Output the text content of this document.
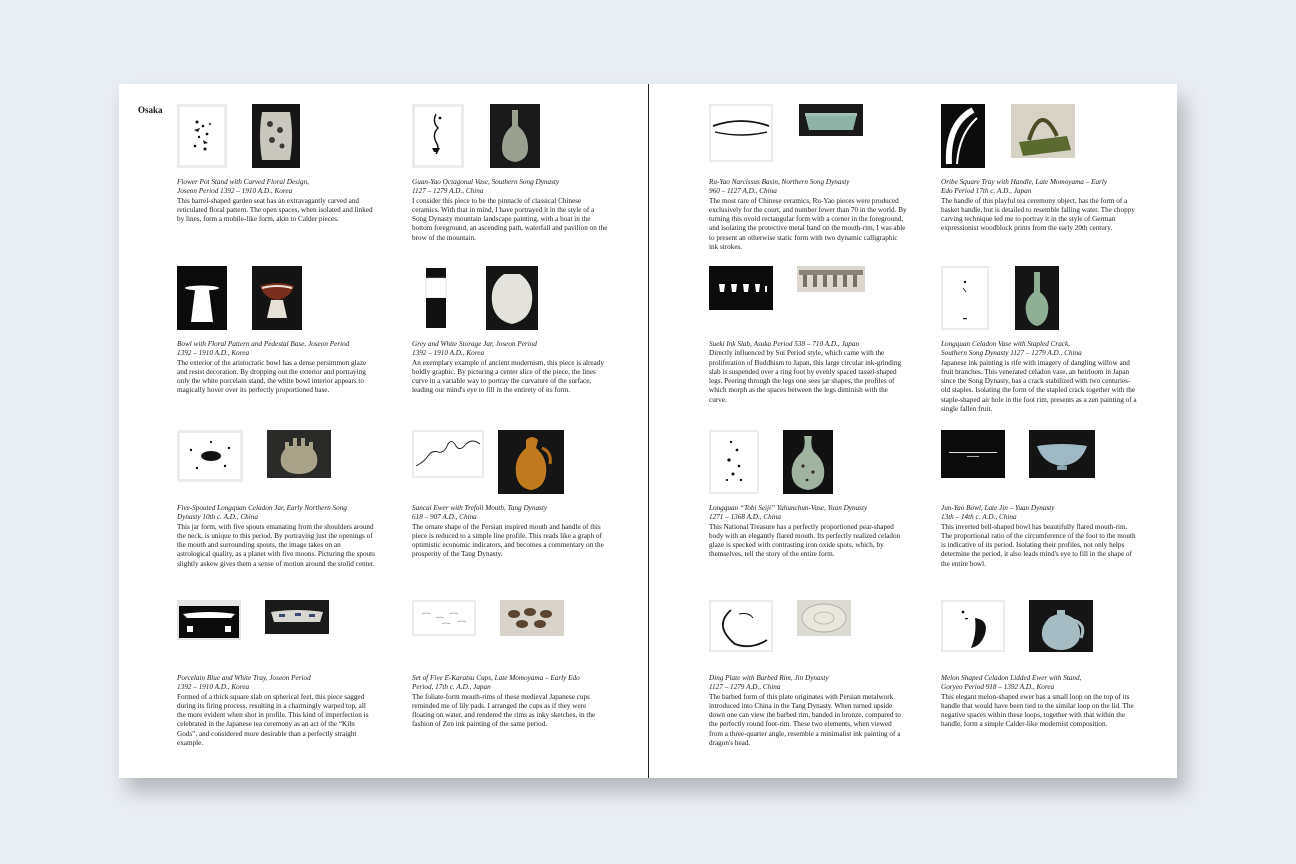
Osaka
Flower Pot Stand with Carved Floral Design,
Joseon Period 1392 – 1910 A.D., Korea
This barrel-shaped garden seat has an extravagantly carved and reticulated floral pattern. The open spaces, when isolated and linked by lines, form a mobile-like form, akin to Calder pieces.
Guan-Yao Octagonal Vase, Southern Song Dynasty
1127 – 1279 A.D., China
I consider this piece to be the pinnacle of classical Chinese ceramics. With that in mind, I have portrayed it in the style of a Song Dynasty mountain landscape painting, with a boat in the bottom foreground, an ascending path, waterfall and pavilion on the brow of the mountain.
Bowl with Floral Pattern and Pedestal Base, Joseon Period
1392 – 1910 A.D., Korea
The exterior of the aristocratic bowl has a dense persimmon glaze and resist decoration. By dropping out the exterior and portraying only the white porcelain stand, the white bowl interior appears to magically hover over its perfectly proportioned base.
Grey and White Storage Jar, Joseon Period
1392 – 1910 A.D., Korea
An exemplary example of ancient modernism, this piece is already boldly graphic. By picturing a center slice of the piece, the lines curve in a variable way to portray the curvature of the surface, leading our mind's eye to fill in the entirety of its form.
Five-Spouted Longquan Celadon Jar, Early Northern Song
Dynasty 10th c. A.D., China
This jar form, with five spouts emanating from the shoulders around the neck, is unique to this period. By portraying just the openings of the mouth and surrounding spouts, the image takes on an astrological quality, as a planet with five moons. Picturing the spouts slightly askew gives them a sense of motion around the stolid center.
Sancai Ewer with Trefoil Mouth, Tang Dynasty
618 – 907 A.D., China
The ornate shape of the Persian inspired mouth and handle of this piece is reduced to a simple line profile. This reads like a graph of optimistic economic indicators, and becomes a commentary on the prosperity of the Tang Dynasty.
Porcelain Blue and White Tray, Joseon Period
1392 – 1910 A.D., Korea
Formed of a thick square slab on spherical feet, this piece sagged during its firing process, resulting in a charmingly warped top, all the more evident when shot in profile. This kind of imperfection is celebrated in the Japanese tea ceremony as an act of the “Kiln Gods”, and considered more desirable than a perfectly straight example.
Set of Five E-Karatsu Cups, Late Momoyama – Early Edo
Period, 17th c. A.D., Japan
The foliate-form mouth-rims of these medieval Japanese cups reminded me of lily pads. I arranged the cups as if they were floating on water, and rendered the rims as inky sketches, in the fashion of Zen ink painting of the same period.
Ru-Yao Narcissus Basin, Northern Song Dynasty
960 – 1127 A.D., China
The most rare of Chinese ceramics, Ru-Yao pieces were produced exclusively for the court, and number fewer than 70 in the world. By turning this ovoid rectangular form with a corner in the foreground, and isolating the protective metal band on the mouth-rim, I was able to present an otherwise static form with two dynamic calligraphic ink strokes.
Oribe Square Tray with Handle, Late Momoyama – Early
Edo Period 17th c. A.D., Japan
The handle of this playful tea ceremony object, has the form of a basket handle, but is detailed to resemble falling water. The choppy carving technique led me to portray it in the style of German expressionist woodblock prints from the early 20th century.
Sueki Ink Slab, Asuka Period 538 – 710 A.D., Japan
Directly influenced by Sui Period style, which came with the proliferation of Buddhism to Japan, this large circular ink-grinding slab is suspended over a ring foot by evenly spaced tassel-shaped legs. Peering through the legs one sees jar shapes, the profiles of which morph as the spaces between the legs diminish with the curve.
Longquan Celadon Vase with Stapled Crack,
Southern Song Dynasty 1127 – 1279 A.D., China
Japanese ink painting is rife with imagery of dangling willow and fruit branches. This venerated celadon vase, an heirloom in Japan since the Song Dynasty, has a crack stabilized with two centuries-old staples. Isolating the form of the stapled crack together with the staple-shaped air hole in the foot rim, presents as a zen painting of a single fallen fruit.
Longquan “Tobi Seiji” Yuhunchun-Vase, Yuan Dynasty
1271 – 1368 A.D., China
This National Treasure has a perfectly proportioned pear-shaped body with an elegantly flared mouth. Its perfectly realized celadon glaze is specked with contrasting iron oxide spots, which, by themselves, tell the story of the entire form.
Jun-Yao Bowl, Late Jin – Yuan Dynasty
13th – 14th c. A.D., China
This inverted bell-shaped bowl has beautifully flared mouth-rim. The proportional ratio of the circumference of the foot to the mouth is indicative of its period. Isolating their profiles, not only helps determine the period, it also leads mind's eye to fill in the shape of the entire bowl.
Ding Plate with Barbed Rim, Jin Dynasty
1127 – 1279 A.D., China
The barbed form of this plate originates with Persian metalwork introduced into China in the Tang Dynasty. When turned upside down one can view the barbed rim, banded in bronze, compared to the perfectly round foot-rim. These two elements, when viewed from a three-quarter angle, resemble a minimalist ink painting of a dragon's head.
Melon Shaped Celadon Lidded Ewer with Stand,
Goryeo Period 918 – 1392 A.D., Korea
This elegant melon-shaped ewer has a small loop on the top of its handle that would have been tied to the similar loop on the lid. The negative spaces within these loops, together with that within the handle, form a simple Calder-like modernist composition.
